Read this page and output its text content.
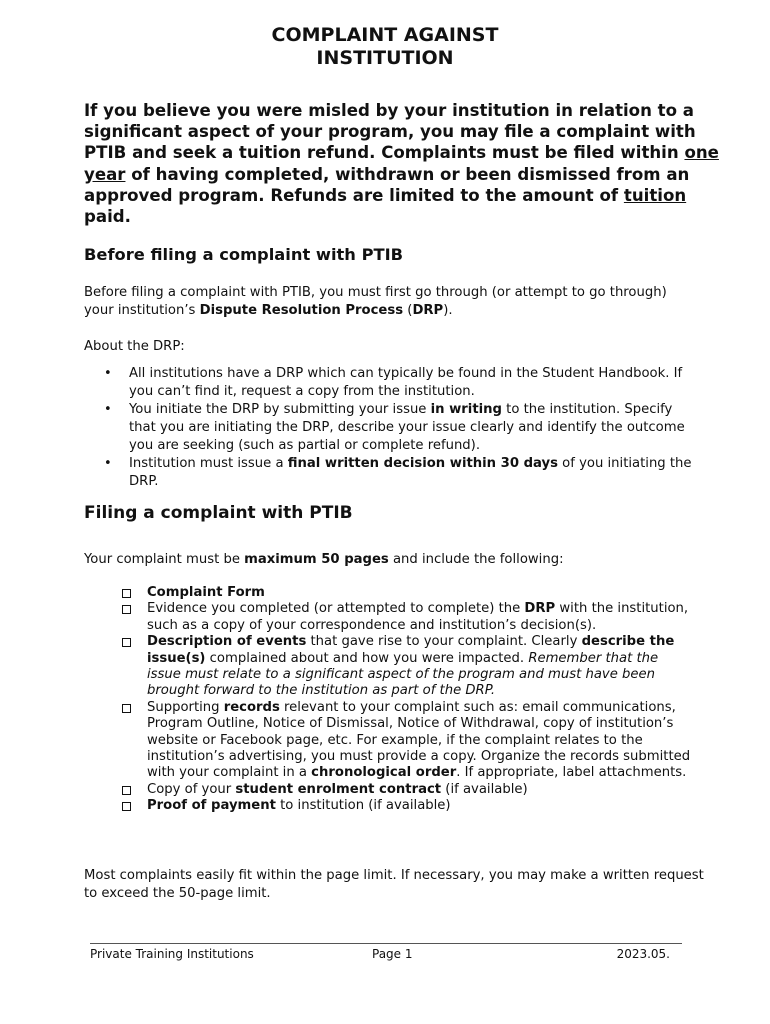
COMPLAINT AGAINST
INSTITUTION

If you believe you were misled by your institution in relation to a significant aspect of your program, you may file a complaint with PTIB and seek a tuition refund. Complaints must be filed within one year of having completed, withdrawn or been dismissed from an approved program. Refunds are limited to the amount of tuition paid.

Before filing a complaint with PTIB

Before filing a complaint with PTIB, you must first go through (or attempt to go through) your institution’s Dispute Resolution Process (DRP).

About the DRP:

• All institutions have a DRP which can typically be found in the Student Handbook. If you can’t find it, request a copy from the institution.
• You initiate the DRP by submitting your issue in writing to the institution. Specify that you are initiating the DRP, describe your issue clearly and identify the outcome you are seeking (such as partial or complete refund).
• Institution must issue a final written decision within 30 days of you initiating the DRP.
Filing a complaint with PTIB

Your complaint must be maximum 50 pages and include the following:

Complaint Form
Evidence you completed (or attempted to complete) the DRP with the institution, such as a copy of your correspondence and institution’s decision(s).
Description of events that gave rise to your complaint. Clearly describe the issue(s) complained about and how you were impacted. Remember that the issue must relate to a significant aspect of the program and must have been brought forward to the institution as part of the DRP.
Supporting records relevant to your complaint such as: email communications, Program Outline, Notice of Dismissal, Notice of Withdrawal, copy of institution’s website or Facebook page, etc. For example, if the complaint relates to the institution’s advertising, you must provide a copy. Organize the records submitted with your complaint in a chronological order. If appropriate, label attachments.
Copy of your student enrolment contract (if available)
Proof of payment to institution (if available)

Most complaints easily fit within the page limit. If necessary, you may make a written request to exceed the 50-page limit.

Private Training Institutions	Page 1	2023.05.
